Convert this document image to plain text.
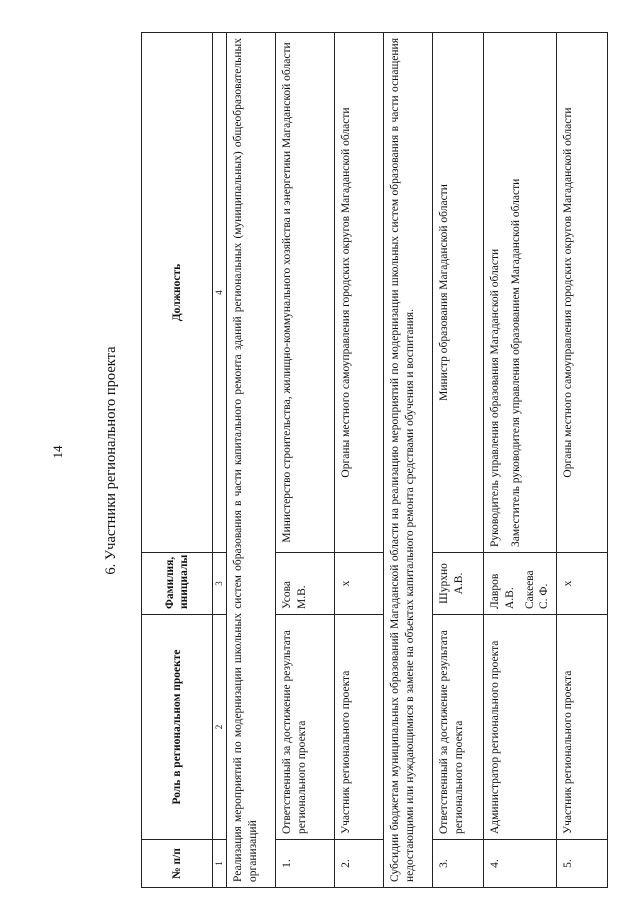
14	6. Участники регионального проекта
№ п/п	Роль в региональном проекте	Фамилия, инициалы	Должность
1	2	3	4
Реализация мероприятий по модернизации школьных систем образования в части капитального ремонта зданий региональных (муниципальных) общеобразовательных организаций			
1.	Ответственный за достижение результата регионального проекта	Усова М.В.	Министерство строительства, жилищно-коммунального хозяйства и энергетики Магаданской области
2.	Участник регионального проекта	х	Органы местного самоуправления городских округов Магаданской области
Субсидии бюджетам муниципальных образований Магаданской области на реализацию мероприятий по модернизации школьных систем образования в части оснащения недостающими или нуждающимися в замене на объектах капитального ремонта средствами обучения и воспитания.			
3.	Ответственный за достижение результата регионального проекта	Шурхно А.В.	Министр образования Магаданской области
4.	Администратор регионального проекта	Лавров А.В. Сакеева С. Ф.	Руководитель управления образования Магаданской области Заместитель руководителя управления образованием Магаданской области

5.	Участник регионального проекта	х	Органы местного самоуправления городских округов Магаданской области
